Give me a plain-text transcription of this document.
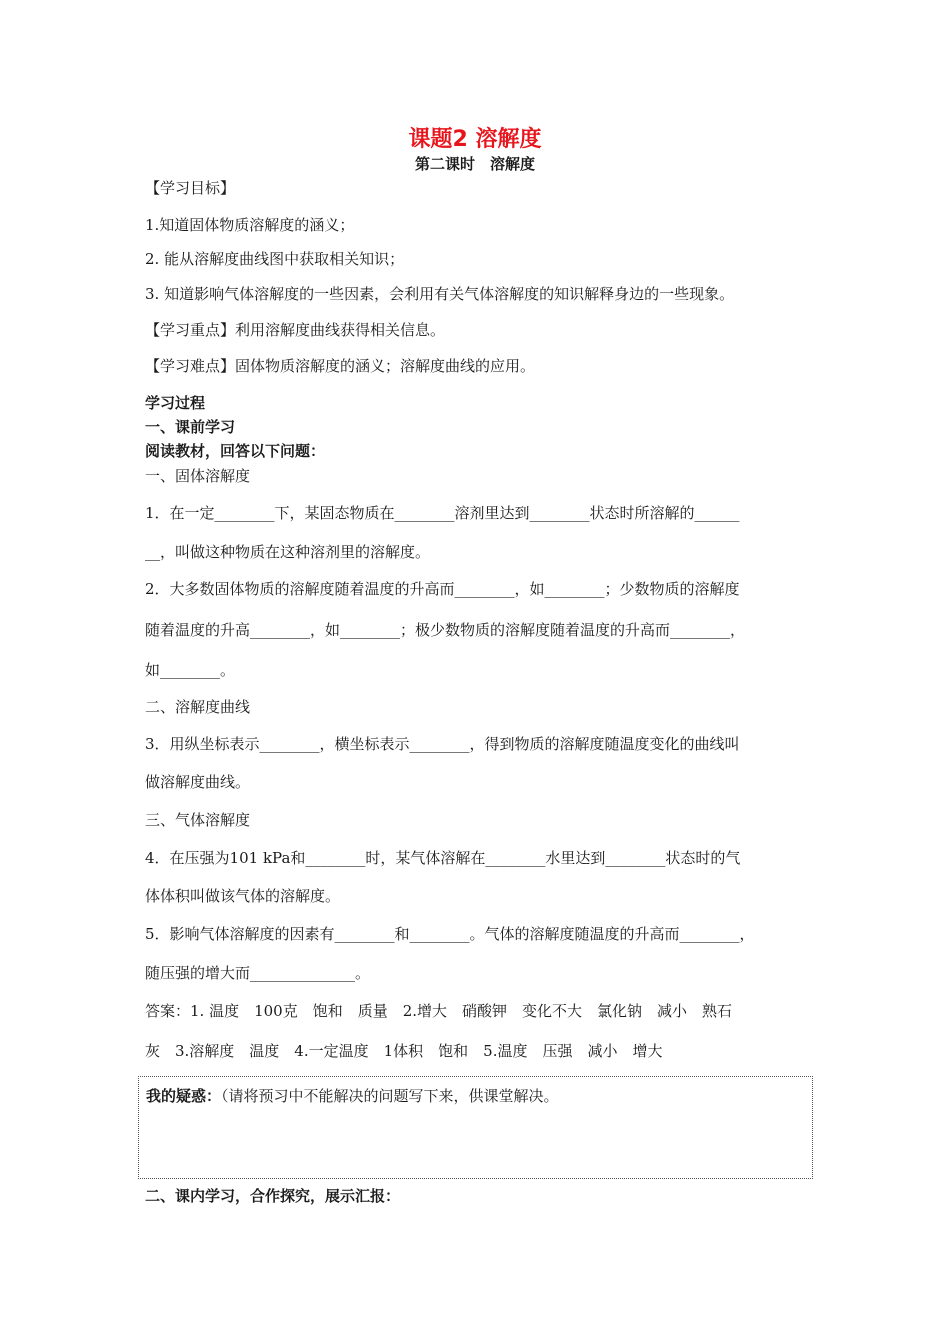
课题2 溶解度
第二课时　溶解度
【学习目标】
1.知道固体物质溶解度的涵义；
2. 能从溶解度曲线图中获取相关知识；
3. 知道影响气体溶解度的一些因素，会利用有关气体溶解度的知识解释身边的一些现象。
【学习重点】利用溶解度曲线获得相关信息。
【学习难点】固体物质溶解度的涵义；溶解度曲线的应用。
学习过程
一、课前学习
阅读教材，回答以下问题：
一、固体溶解度
1．在一定________下，某固态物质在________溶剂里达到________状态时所溶解的______
__，叫做这种物质在这种溶剂里的溶解度。
2．大多数固体物质的溶解度随着温度的升高而________，如________；少数物质的溶解度
随着温度的升高________，如________；极少数物质的溶解度随着温度的升高而________，
如________。
二、溶解度曲线
3．用纵坐标表示________，横坐标表示________，得到物质的溶解度随温度变化的曲线叫
做溶解度曲线。
三、气体溶解度
4．在压强为101 kPa和________时，某气体溶解在________水里达到________状态时的气
体体积叫做该气体的溶解度。
5．影响气体溶解度的因素有________和________。气体的溶解度随温度的升高而________，
随压强的增大而______________。
答案：1. 温度　100克　饱和　质量　2.增大　硝酸钾　变化不大　氯化钠　减小　熟石
灰　3.溶解度　温度　4.一定温度　1体积　饱和　5.温度　压强　减小　增大
我的疑惑：（请将预习中不能解决的问题写下来，供课堂解决。
二、课内学习，合作探究，展示汇报：
